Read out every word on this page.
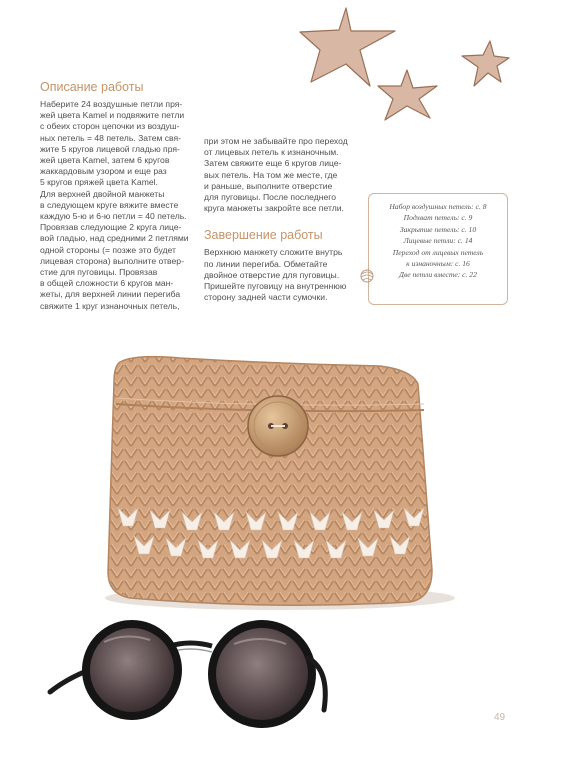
Описание работы
Наберите 24 воздушные петли пря-
жей цвета Kamel и подвяжите петли
с обеих сторон цепочки из воздуш-
ных петель = 48 петель. Затем свя-
жите 5 кругов лицевой гладью пря-
жей цвета Kamel, затем 6 кругов
жаккардовым узором и еще раз
5 кругов пряжей цвета Kamel.
Для верхней двойной манжеты
в следующем круге вяжите вместе
каждую 5-ю и 6-ю петли = 40 петель.
Провязав следующие 2 круга лице-
вой гладью, над средними 2 петлями
одной стороны (= позже это будет
лицевая сторона) выполните отвер-
стие для пуговицы. Провязав
в общей сложности 6 кругов ман-
жеты, для верхней линии перегиба
свяжите 1 круг изнаночных петель,
при этом не забывайте про переход
от лицевых петель к изнаночным.
Затем свяжите еще 6 кругов лице-
вых петель. На том же месте, где
и раньше, выполните отверстие
для пуговицы. После последнего
круга манжеты закройте все петли.
Завершение работы
Верхнюю манжету сложите внутрь
по линии перегиба. Обметайте
двойное отверстие для пуговицы.
Пришейте пуговицу на внутреннюю
сторону задней части сумочки.
Набор воздушных петель: с. 8
Подхват петель: с. 9
Закрытие петель: с. 10
Лицевые петли: с. 14
Переход от лицевых петель
к изнаночным: с. 16
Две петли вместе: с. 22
49
